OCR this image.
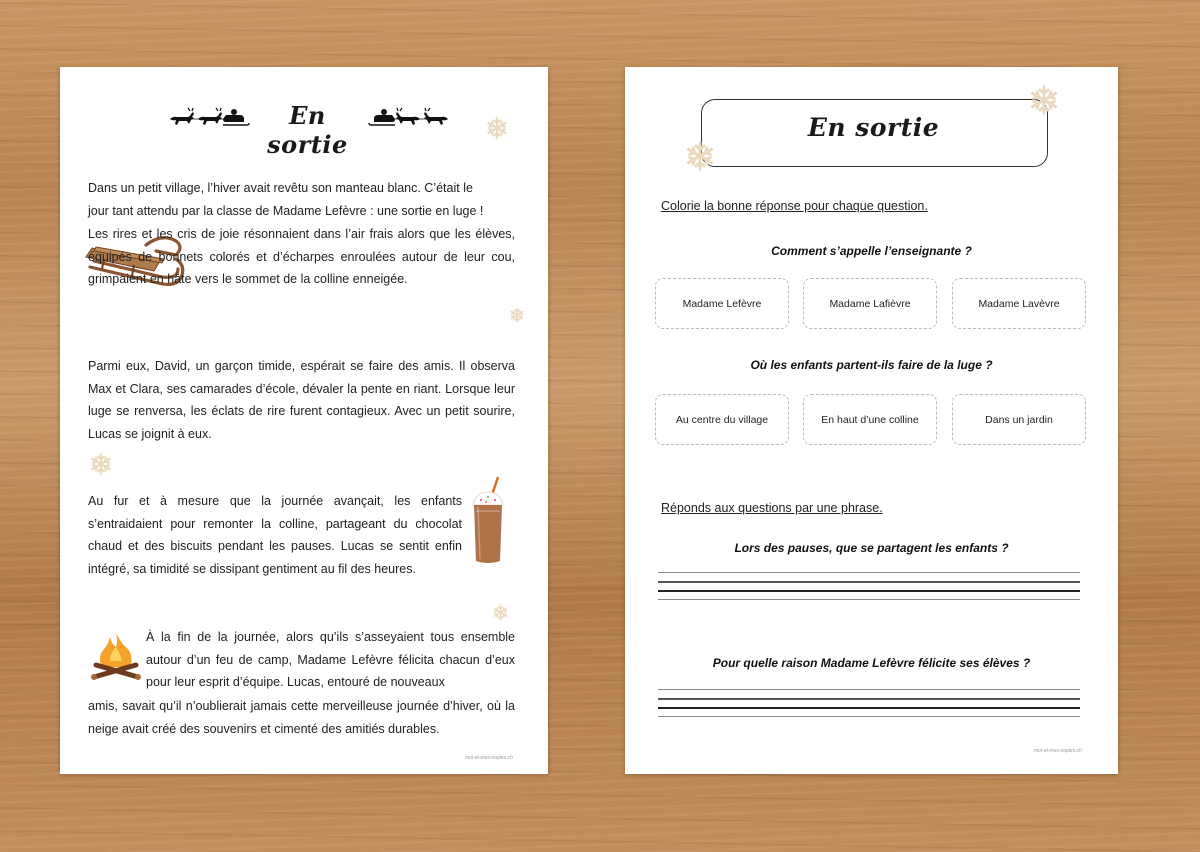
En sortie

Dans un petit village, l’hiver avait revêtu son manteau blanc. C’était le

jour tant attendu par la classe de Madame Lefèvre : une sortie en luge !

Les rires et les cris de joie résonnaient dans l’air frais alors que les élèves, équipés de bonnets colorés et d’écharpes enroulées autour de leur cou, grimpaient en hâte vers le sommet de la colline enneigée.

Parmi eux, David, un garçon timide, espérait se faire des amis. Il observa Max et Clara, ses camarades d’école, dévaler la pente en riant. Lorsque leur luge se renversa, les éclats de rire furent contagieux. Avec un petit sourire, Lucas se joignit à eux.

Au fur et à mesure que la journée avançait, les enfants s’entraidaient pour remonter la colline, partageant du chocolat chaud et des biscuits pendant les pauses. Lucas se sentit enfin intégré, sa timidité se dissipant gentiment au fil des heures.

À la fin de la journée, alors qu’ils s’asseyaient tous ensemble autour d’un feu de camp, Madame Lefèvre félicita chacun d’eux pour leur esprit d’équipe. Lucas, entouré de nouveaux

amis, savait qu’il n’oublierait jamais cette merveilleuse journée d’hiver, où la neige avait créé des souvenirs et cimenté des amitiés durables.

moi-et-mes-copies.ch
En sortie
Colorie la bonne réponse pour chaque question.
Comment s’appelle l’enseignante ?
Madame Lefèvre	Madame Lafièvre	Madame Lavèvre
Où les enfants partent-ils faire de la luge ?
Au centre du village	En haut d’une colline	Dans un jardin
Réponds aux questions par une phrase.
Lors des pauses, que se partagent les enfants ?
Pour quelle raison Madame Lefèvre félicite ses élèves ?
moi-et-mes-copies.ch
